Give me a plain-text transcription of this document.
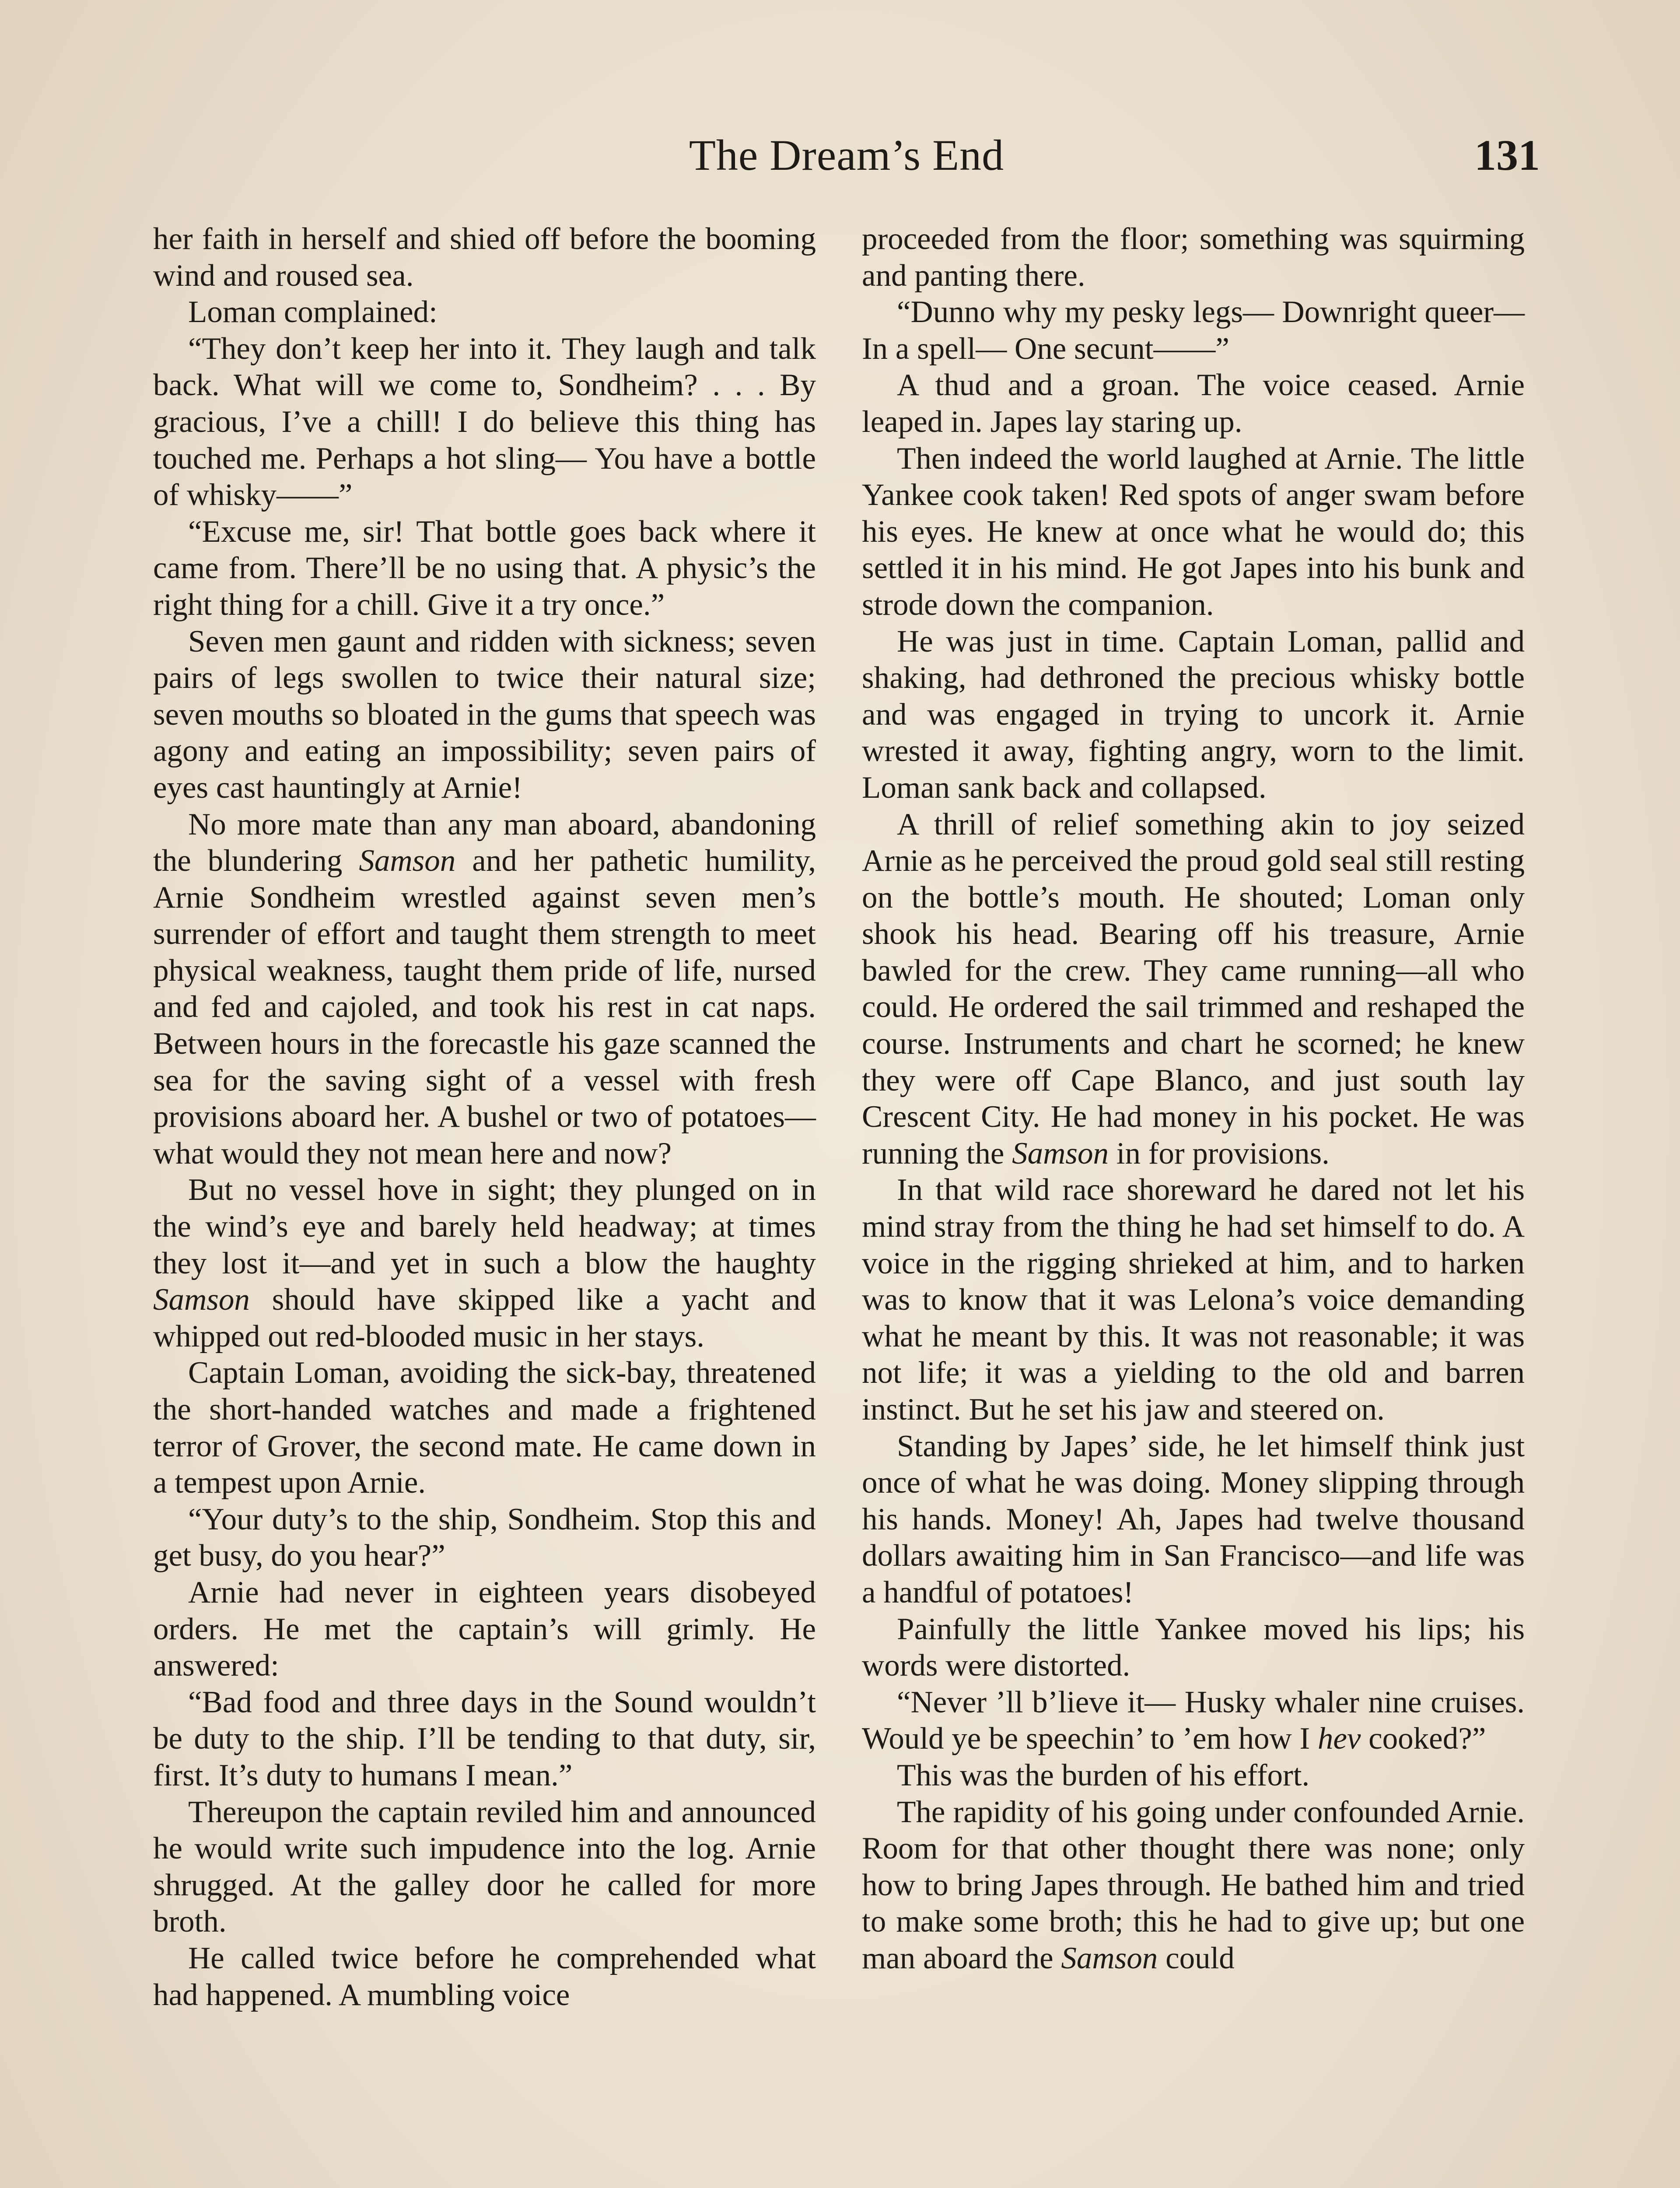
The Dream’s End	131

her faith in herself and shied off before the booming wind and roused sea.

Loman complained:

“They don’t keep her into it. They laugh and talk back. What will we come to, Sondheim? . . . By gracious, I’ve a chill! I do believe this thing has touched me. Perhaps a hot sling— You have a bottle of whisky——”

“Excuse me, sir! That bottle goes back where it came from. There’ll be no using that. A physic’s the right thing for a chill. Give it a try once.”

Seven men gaunt and ridden with sickness; seven pairs of legs swollen to twice their natural size; seven mouths so bloated in the gums that speech was agony and eating an impossibility; seven pairs of eyes cast hauntingly at Arnie!

No more mate than any man aboard, abandoning the blundering Samson and her pathetic humility, Arnie Sondheim wrestled against seven men’s surrender of effort and taught them strength to meet physical weakness, taught them pride of life, nursed and fed and cajoled, and took his rest in cat naps. Between hours in the forecastle his gaze scanned the sea for the saving sight of a vessel with fresh provisions aboard her. A bushel or two of potatoes—what would they not mean here and now?

But no vessel hove in sight; they plunged on in the wind’s eye and barely held headway; at times they lost it—and yet in such a blow the haughty Samson should have skipped like a yacht and whipped out red-blooded music in her stays.

Captain Loman, avoiding the sick-bay, threatened the short-handed watches and made a frightened terror of Grover, the second mate. He came down in a tempest upon Arnie.

“Your duty’s to the ship, Sondheim. Stop this and get busy, do you hear?”

Arnie had never in eighteen years disobeyed orders. He met the captain’s will grimly. He answered:

“Bad food and three days in the Sound wouldn’t be duty to the ship. I’ll be tending to that duty, sir, first. It’s duty to humans I mean.”

Thereupon the captain reviled him and announced he would write such impudence into the log. Arnie shrugged. At the galley door he called for more broth.

He called twice before he comprehended what had happened. A mumbling voice

proceeded from the floor; something was squirming and panting there.

“Dunno why my pesky legs— Downright queer— In a spell— One secunt——”

A thud and a groan. The voice ceased. Arnie leaped in. Japes lay staring up.

Then indeed the world laughed at Arnie. The little Yankee cook taken! Red spots of anger swam before his eyes. He knew at once what he would do; this settled it in his mind. He got Japes into his bunk and strode down the companion.

He was just in time. Captain Loman, pallid and shaking, had dethroned the precious whisky bottle and was engaged in trying to uncork it. Arnie wrested it away, fighting angry, worn to the limit. Loman sank back and collapsed.

A thrill of relief something akin to joy seized Arnie as he perceived the proud gold seal still resting on the bottle’s mouth. He shouted; Loman only shook his head. Bearing off his treasure, Arnie bawled for the crew. They came running—all who could. He ordered the sail trimmed and reshaped the course. Instruments and chart he scorned; he knew they were off Cape Blanco, and just south lay Crescent City. He had money in his pocket. He was running the Samson in for provisions.

In that wild race shoreward he dared not let his mind stray from the thing he had set himself to do. A voice in the rigging shrieked at him, and to harken was to know that it was Lelona’s voice demanding what he meant by this. It was not reasonable; it was not life; it was a yielding to the old and barren instinct. But he set his jaw and steered on.

Standing by Japes’ side, he let himself think just once of what he was doing. Money slipping through his hands. Money! Ah, Japes had twelve thousand dollars awaiting him in San Francisco—and life was a handful of potatoes!

Painfully the little Yankee moved his lips; his words were distorted.

“Never ’ll b’lieve it— Husky whaler nine cruises. Would ye be speechin’ to ’em how I hev cooked?”

This was the burden of his effort.

The rapidity of his going under confounded Arnie. Room for that other thought there was none; only how to bring Japes through. He bathed him and tried to make some broth; this he had to give up; but one man aboard the Samson could
